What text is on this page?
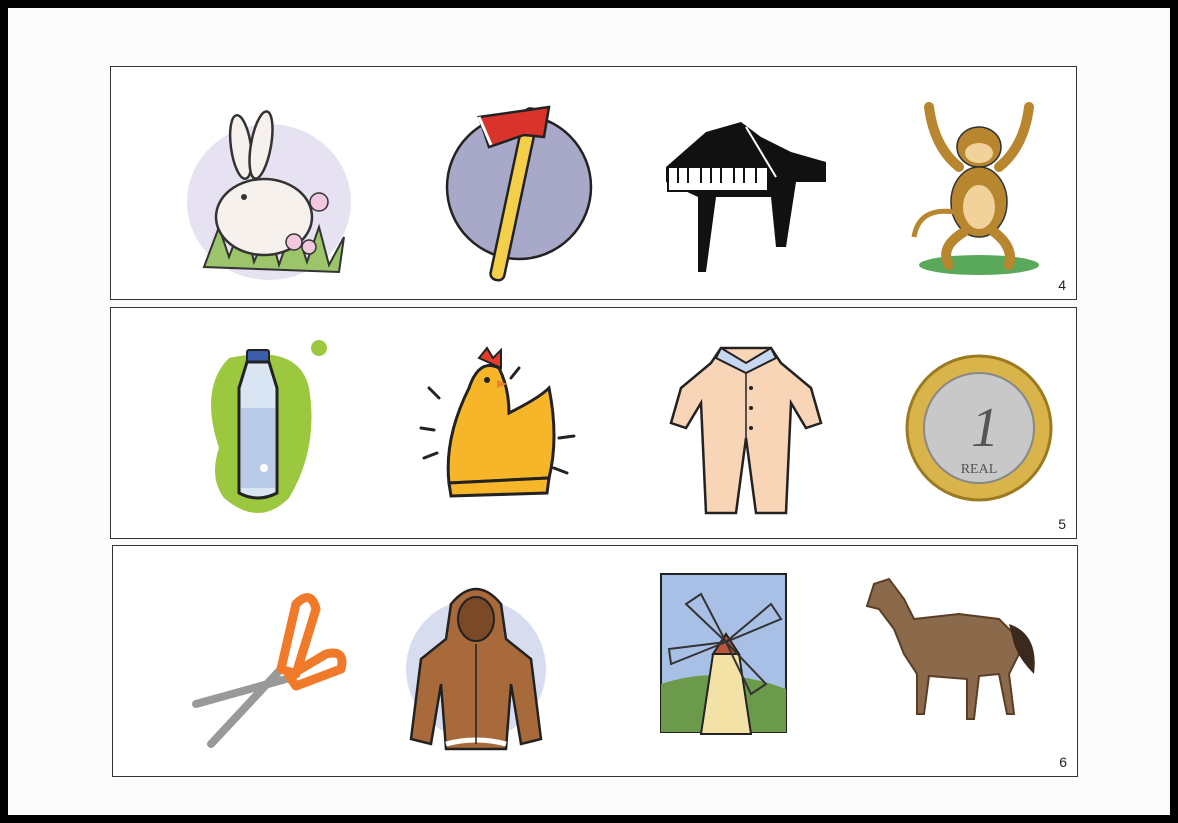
4
1
REAL
5
6
